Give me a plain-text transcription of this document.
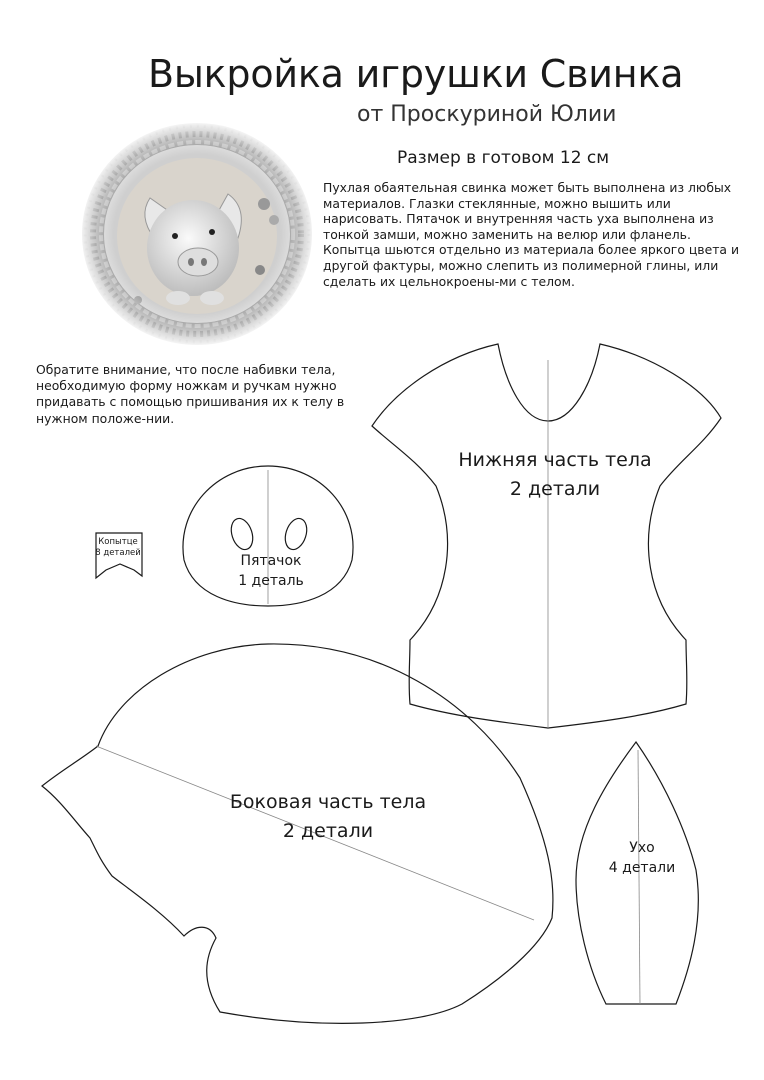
Выкройка игрушки Свинка
от Проскуриной Юлии
Размер в готовом 12 см

Пухлая обаятельная свинка может быть выполнена из любых материалов. Глазки стеклянные, можно вышить или нарисовать. Пятачок и внутренняя часть уха выполнена из тонкой замши, можно заменить на велюр или фланель.

Копытца шьются отдельно из материала более яркого цвета и другой фактуры, можно слепить из полимерной глины, или сделать их цельнокроены-ми с телом.

Обратите внимание, что после набивки тела, необходимую форму ножкам и ручкам нужно придавать с помощью пришивания их к телу в нужном положе-нии.
Нижняя часть тела
2 детали
Пятачок
1 деталь
Копытце
8 деталей
Боковая часть тела
2 детали
Ухо
4 детали
